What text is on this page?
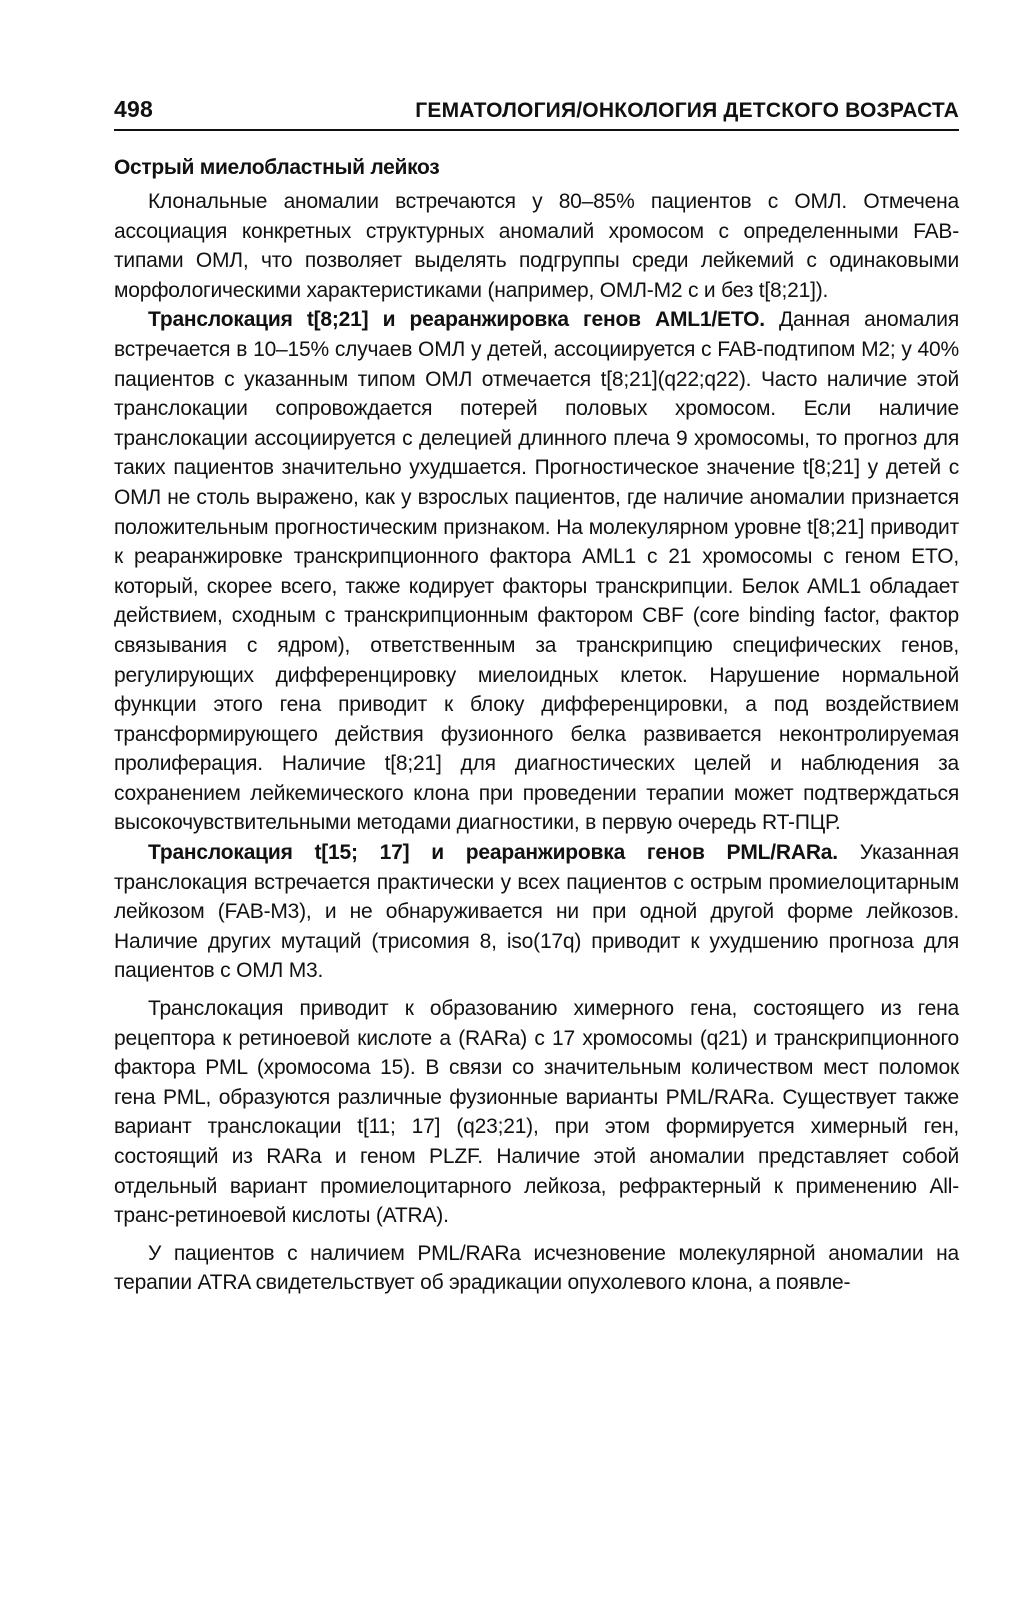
498	ГЕМАТОЛОГИЯ/ОНКОЛОГИЯ ДЕТСКОГО ВОЗРАСТА
Острый миелобластный лейкоз

Клональные аномалии встречаются у 80–85% пациентов с ОМЛ. Отмечена ассоциация конкретных структурных аномалий хромосом с определенными FAB-типами ОМЛ, что позволяет выделять подгруппы среди лейкемий с одинаковыми морфологическими характеристиками (например, ОМЛ-М2 с и без t[8;21]).

Транслокация t[8;21] и реаранжировка генов AML1/ETO. Данная аномалия встречается в 10–15% случаев ОМЛ у детей, ассоциируется с FAB-подтипом М2; у 40% пациентов с указанным типом ОМЛ отмечается t[8;21](q22;q22). Часто наличие этой транслокации сопровождается потерей половых хромосом. Если наличие транслокации ассоциируется с делецией длинного плеча 9 хромосомы, то прогноз для таких пациентов значительно ухудшается. Прогностическое значение t[8;21] у детей с ОМЛ не столь выражено, как у взрослых пациентов, где наличие аномалии признается положительным прогностическим признаком. На молекулярном уровне t[8;21] приводит к реаранжировке транскрипционного фактора AML1 с 21 хромосомы с геном ETO, который, скорее всего, также кодирует факторы транскрипции. Белок AML1 обладает действием, сходным с транскрипционным фактором CBF (core binding factor, фактор связывания с ядром), ответственным за транскрипцию специфических генов, регулирующих дифференцировку миелоидных клеток. Нарушение нормальной функции этого гена приводит к блоку дифференцировки, а под воздействием трансформирующего действия фузионного белка развивается неконтролируемая пролиферация. Наличие t[8;21] для диагностических целей и наблюдения за сохранением лейкемического клона при проведении терапии может подтверждаться высокочувствительными методами диагностики, в первую очередь RT-ПЦР.

Транслокация t[15; 17] и реаранжировка генов PML/RARa. Указанная транслокация встречается практически у всех пациентов с острым промиелоцитарным лейкозом (FAB-M3), и не обнаруживается ни при одной другой форме лейкозов. Наличие других мутаций (трисомия 8, iso(17q) приводит к ухудшению прогноза для пациентов с ОМЛ М3.

Транслокация приводит к образованию химерного гена, состоящего из гена рецептора к ретиноевой кислоте a (RARa) с 17 хромосомы (q21) и транскрипционного фактора PML (хромосома 15). В связи со значительным количеством мест поломок гена PML, образуются различные фузионные варианты PML/RARa. Существует также вариант транслокации t[11; 17] (q23;21), при этом формируется химерный ген, состоящий из RARa и геном PLZF. Наличие этой аномалии представляет собой отдельный вариант промиелоцитарного лейкоза, рефрактерный к применению All-транс-ретиноевой кислоты (ATRA).

У пациентов с наличием PML/RARa исчезновение молекулярной аномалии на терапии ATRA свидетельствует об эрадикации опухолевого клона, а появле-
